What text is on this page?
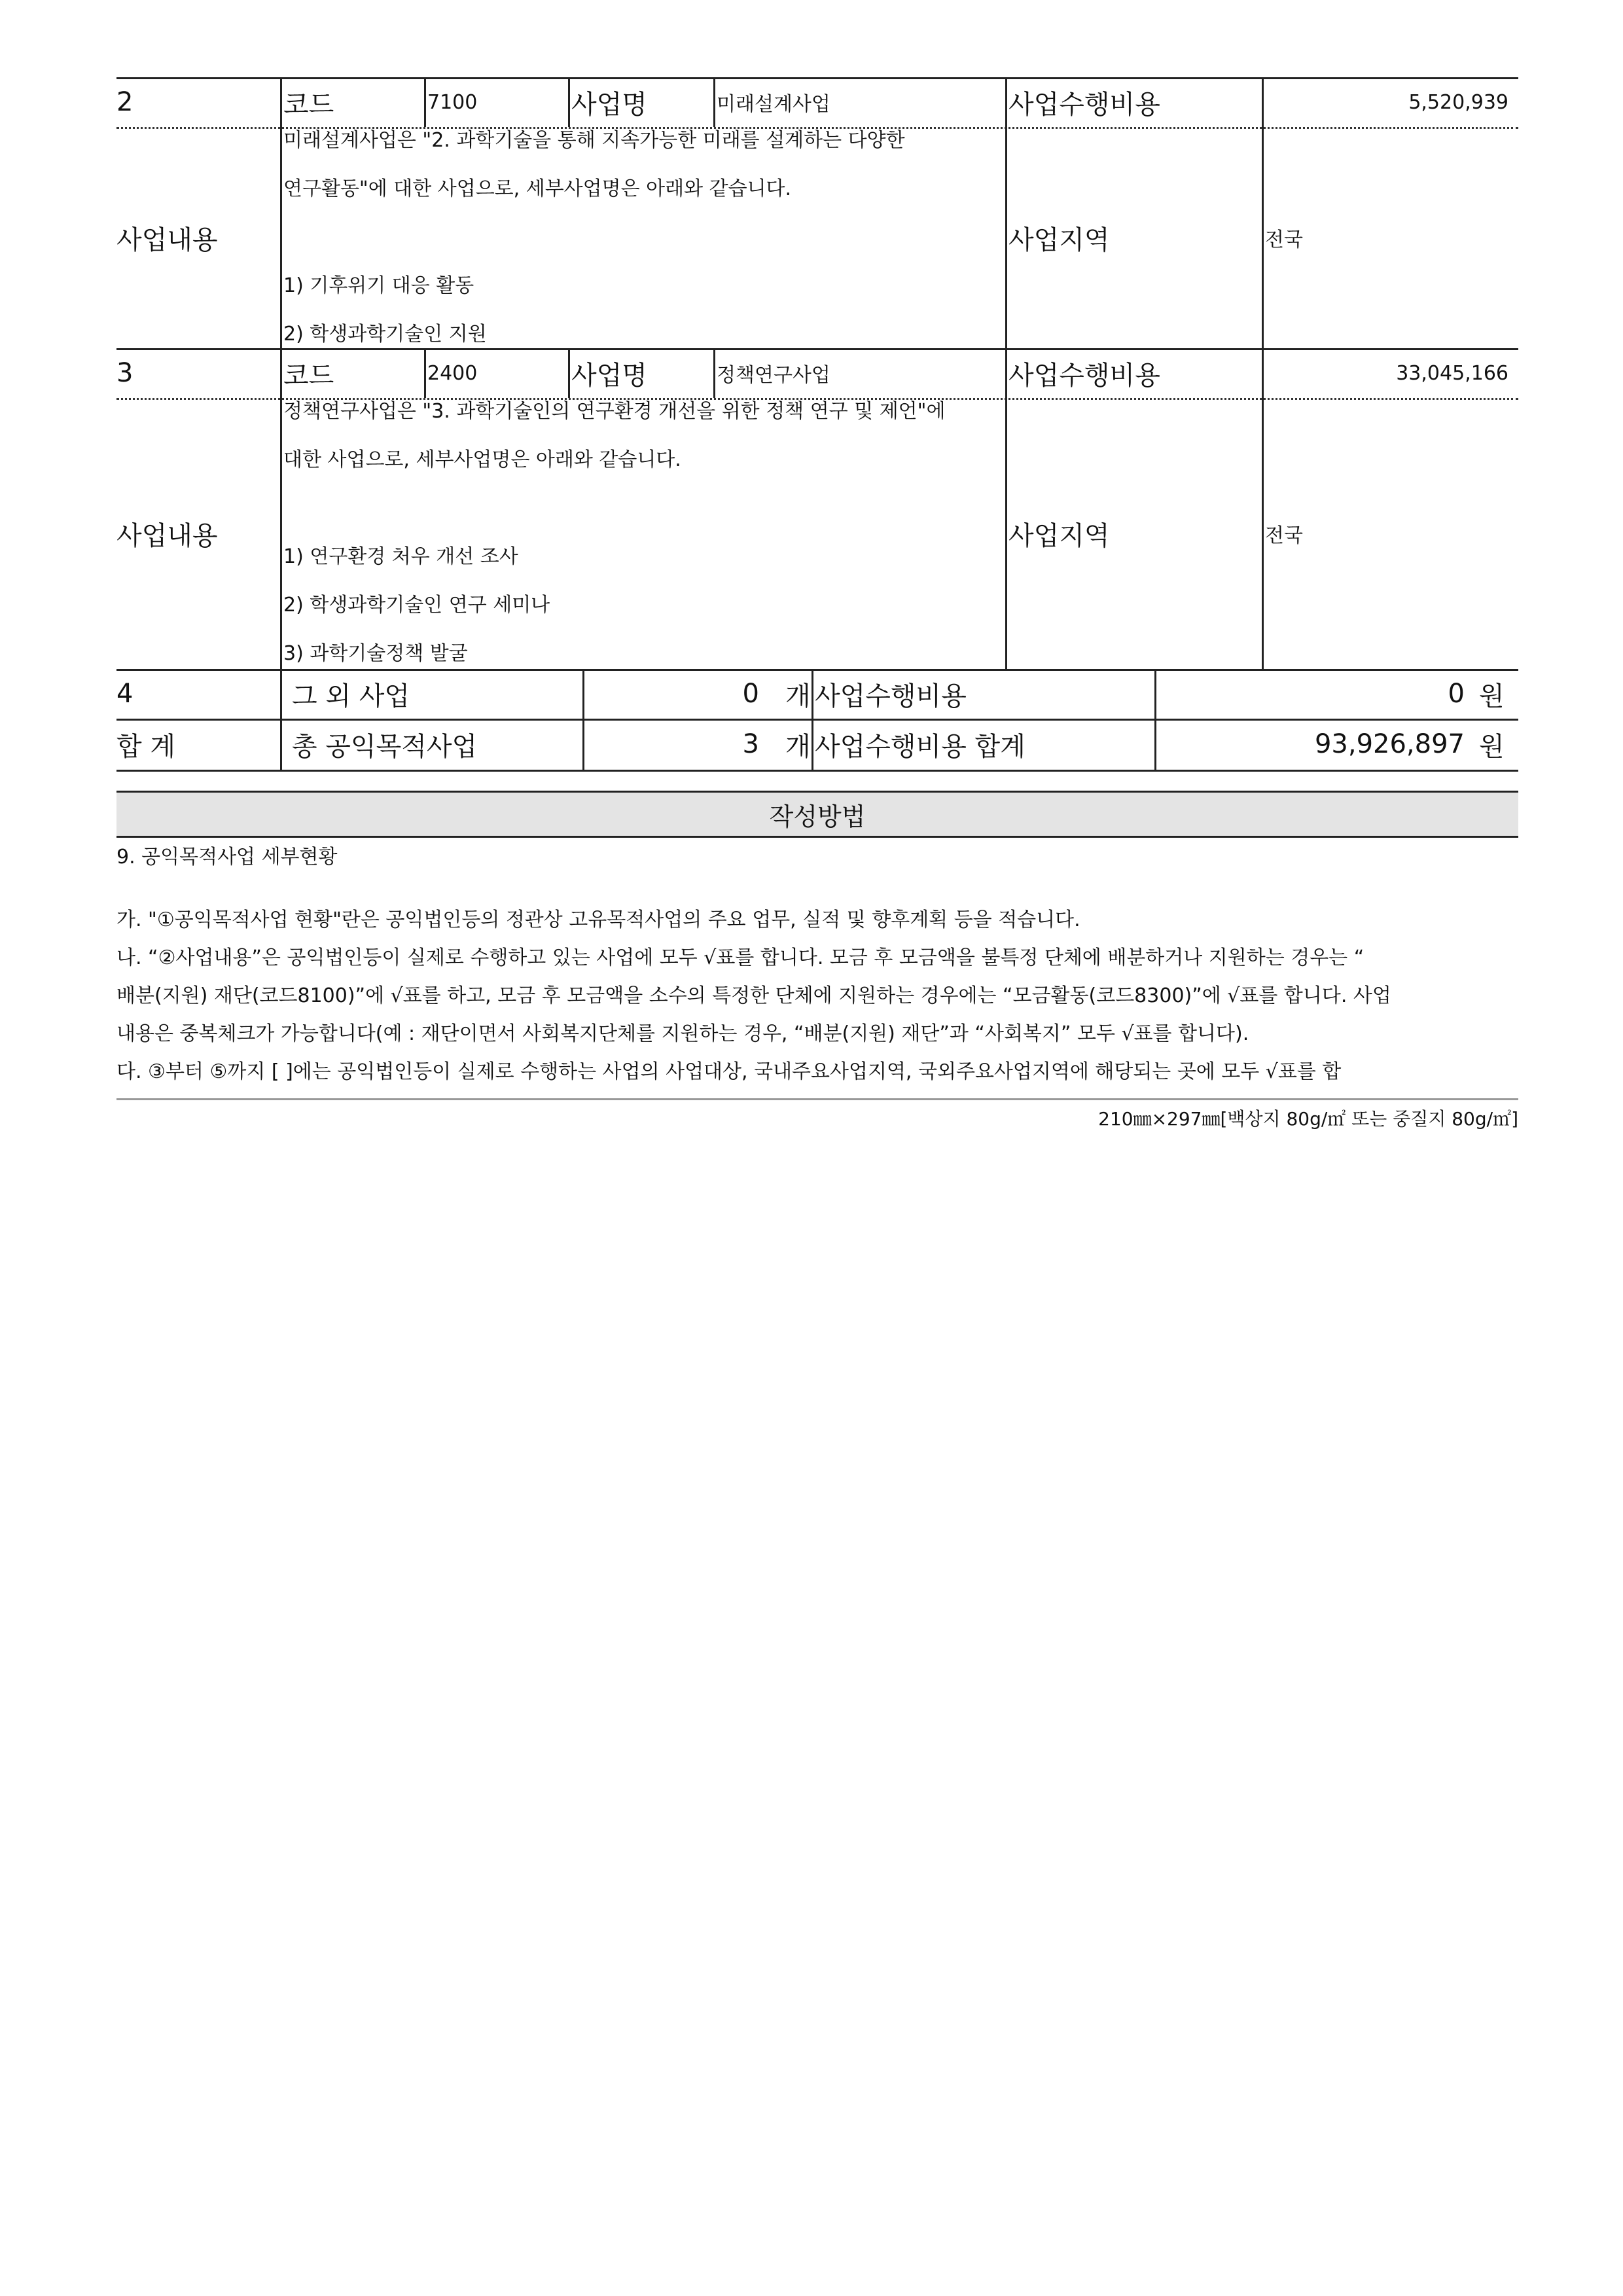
2	코드	7100	사업명	미래설계사업	사업수행비용	5,520,939
사업내용
미래설계사업은 "2. 과학기술을 통해 지속가능한 미래를 설계하는 다양한
연구활동"에 대한 사업으로, 세부사업명은 아래와 같습니다.
1) 기후위기 대응 활동
2) 학생과학기술인 지원
사업지역	전국
3	코드	2400	사업명	정책연구사업	사업수행비용	33,045,166
사업내용
정책연구사업은 "3. 과학기술인의 연구환경 개선을 위한 정책 연구 및 제언"에
대한 사업으로, 세부사업명은 아래와 같습니다.
1) 연구환경 처우 개선 조사
2) 학생과학기술인 연구 세미나
3) 과학기술정책 발굴
사업지역	전국
4	그 외 사업	0 개 사업수행비용	0 원
합 계	총 공익목적사업	3 개 사업수행비용 합계	93,926,897 원
작성방법
9. 공익목적사업 세부현황
가. "①공익목적사업 현황"란은 공익법인등의 정관상 고유목적사업의 주요 업무, 실적 및 향후계획 등을 적습니다.
나. “②사업내용”은 공익법인등이 실제로 수행하고 있는 사업에 모두 √표를 합니다. 모금 후 모금액을 불특정 단체에 배분하거나 지원하는 경우는 “
배분(지원) 재단(코드8100)”에 √표를 하고, 모금 후 모금액을 소수의 특정한 단체에 지원하는 경우에는 “모금활동(코드8300)”에 √표를 합니다. 사업
내용은 중복체크가 가능합니다(예 : 재단이면서 사회복지단체를 지원하는 경우, “배분(지원) 재단”과 “사회복지” 모두 √표를 합니다).
다. ③부터 ⑤까지 [ ]에는 공익법인등이 실제로 수행하는 사업의 사업대상, 국내주요사업지역, 국외주요사업지역에 해당되는 곳에 모두 √표를 합
210㎜×297㎜[백상지 80g/㎡ 또는 중질지 80g/㎡]
